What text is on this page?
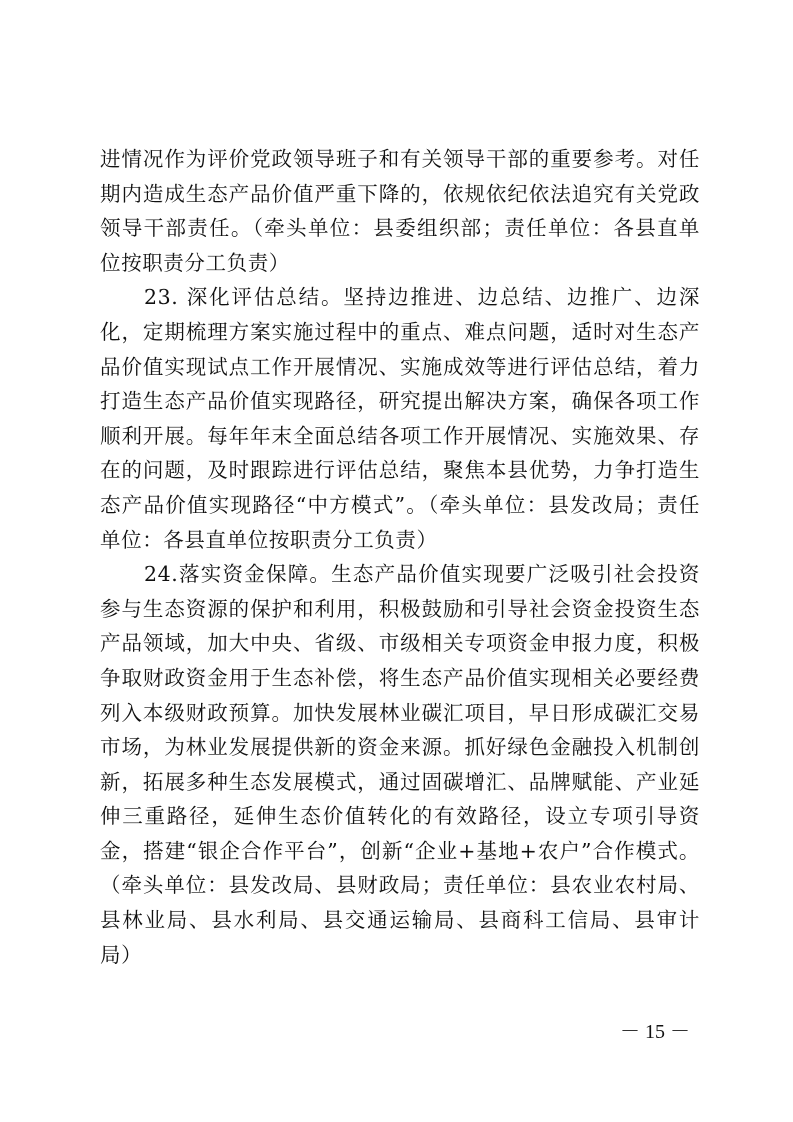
进情况作为评价党政领导班子和有关领导干部的重要参考。对任期内造成生态产品价值严重下降的，依规依纪依法追究有关党政领导干部责任。（牵头单位：县委组织部；责任单位：各县直单位按职责分工负责）

23. 深化评估总结。坚持边推进、边总结、边推广、边深化，定期梳理方案实施过程中的重点、难点问题，适时对生态产品价值实现试点工作开展情况、实施成效等进行评估总结，着力打造生态产品价值实现路径，研究提出解决方案，确保各项工作顺利开展。每年年末全面总结各项工作开展情况、实施效果、存在的问题，及时跟踪进行评估总结，聚焦本县优势，力争打造生态产品价值实现路径“中方模式”。（牵头单位：县发改局；责任单位：各县直单位按职责分工负责）

24.落实资金保障。生态产品价值实现要广泛吸引社会投资参与生态资源的保护和利用，积极鼓励和引导社会资金投资生态产品领域，加大中央、省级、市级相关专项资金申报力度，积极争取财政资金用于生态补偿，将生态产品价值实现相关必要经费列入本级财政预算。加快发展林业碳汇项目，早日形成碳汇交易市场，为林业发展提供新的资金来源。抓好绿色金融投入机制创新，拓展多种生态发展模式，通过固碳增汇、品牌赋能、产业延伸三重路径，延伸生态价值转化的有效路径，设立专项引导资金，搭建“银企合作平台”，创新“企业+基地+农户”合作模式。（牵头单位：县发改局、县财政局；责任单位：县农业农村局、县林业局、县水利局、县交通运输局、县商科工信局、县审计局）

－ 15 －
